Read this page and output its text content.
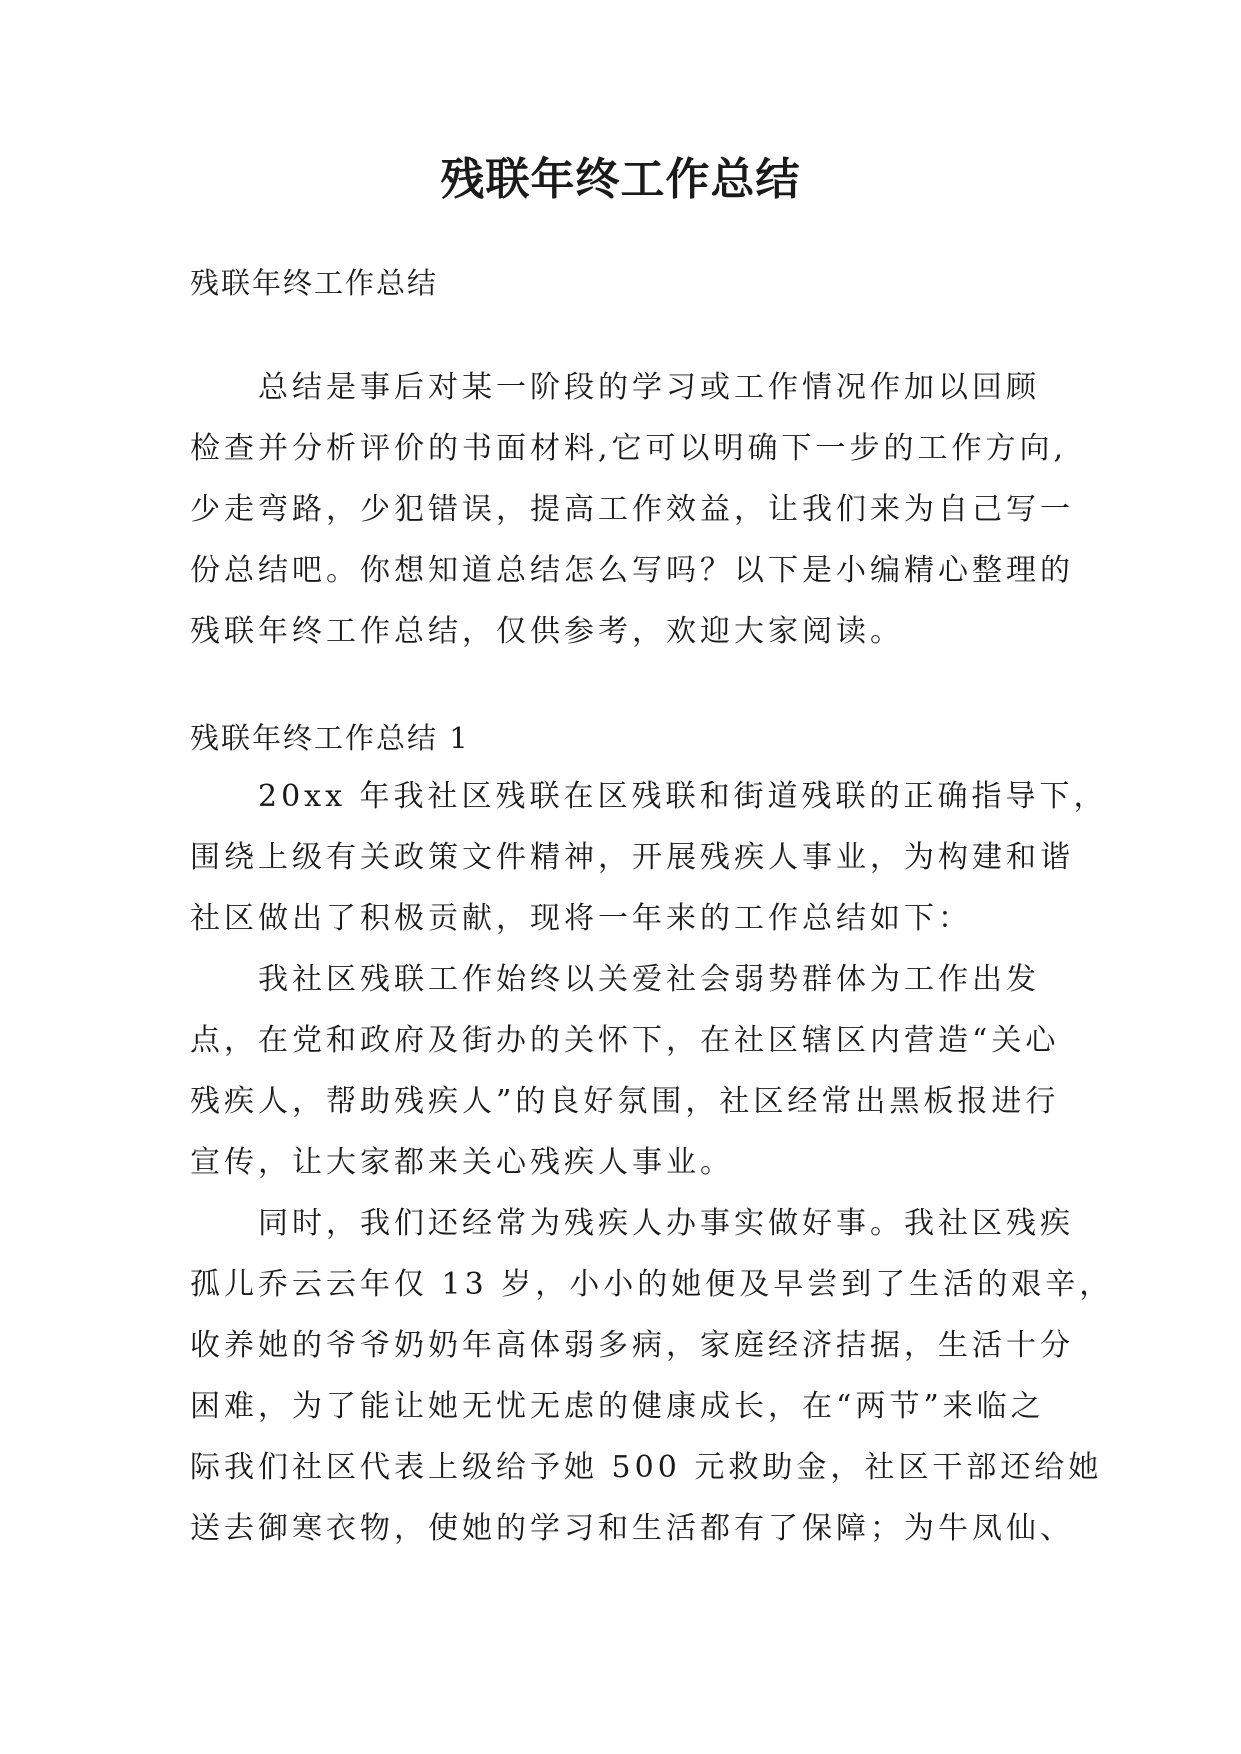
残联年终工作总结
残联年终工作总结
总结是事后对某一阶段的学习或工作情况作加以回顾
检查并分析评价的书面材料,它可以明确下一步的工作方向,
少走弯路，少犯错误，提高工作效益，让我们来为自己写一
份总结吧。你想知道总结怎么写吗？以下是小编精心整理的
残联年终工作总结，仅供参考，欢迎大家阅读。
残联年终工作总结 1
20xx 年我社区残联在区残联和街道残联的正确指导下，
围绕上级有关政策文件精神，开展残疾人事业，为构建和谐
社区做出了积极贡献，现将一年来的工作总结如下：
我社区残联工作始终以关爱社会弱势群体为工作出发
点，在党和政府及街办的关怀下，在社区辖区内营造“关心
残疾人，帮助残疾人”的良好氛围，社区经常出黑板报进行
宣传，让大家都来关心残疾人事业。
同时，我们还经常为残疾人办事实做好事。我社区残疾
孤儿乔云云年仅 13 岁，小小的她便及早尝到了生活的艰辛，
收养她的爷爷奶奶年高体弱多病，家庭经济拮据，生活十分
困难，为了能让她无忧无虑的健康成长，在“两节”来临之
际我们社区代表上级给予她 500 元救助金，社区干部还给她
送去御寒衣物，使她的学习和生活都有了保障；为牛凤仙、
